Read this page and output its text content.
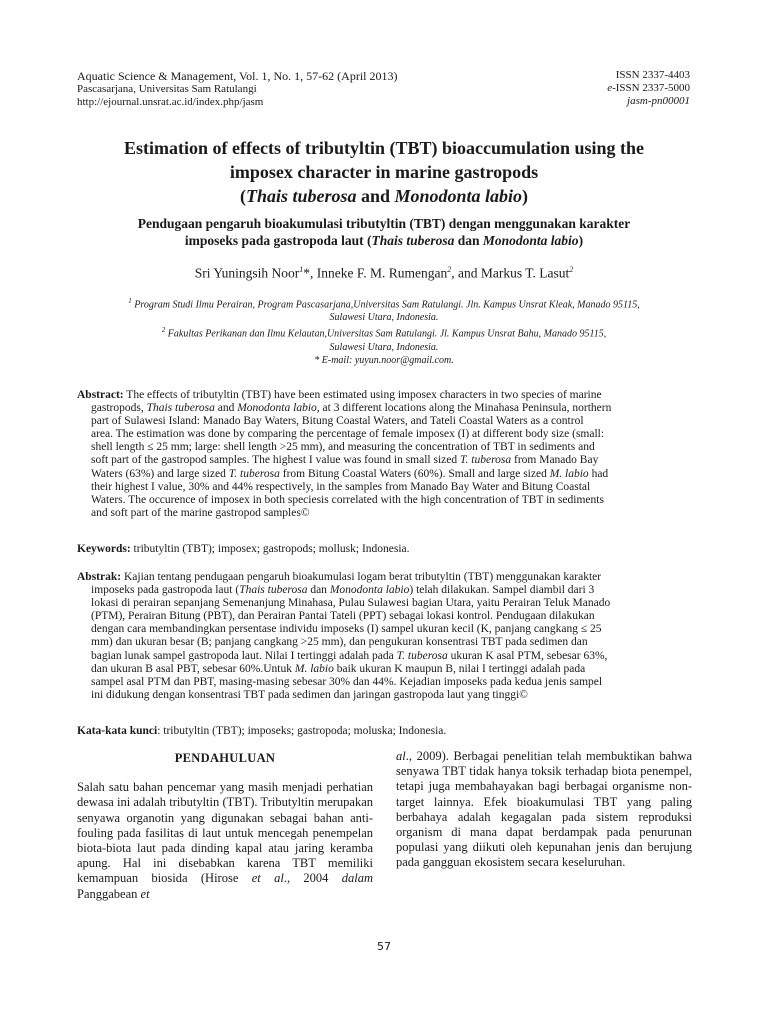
Aquatic Science & Management, Vol. 1, No. 1, 57-62 (April 2013)
Pascasarjana, Universitas Sam Ratulangi
http://ejournal.unsrat.ac.id/index.php/jasm
ISSN 2337-4403
e-ISSN 2337-5000
jasm-pn00001
Estimation of effects of tributyltin (TBT) bioaccumulation using the
imposex character in marine gastropods
(Thais tuberosa and Monodonta labio)
Pendugaan pengaruh bioakumulasi tributyltin (TBT) dengan menggunakan karakter
imposeks pada gastropoda laut (Thais tuberosa dan Monodonta labio)
Sri Yuningsih Noor$^1$*, Inneke F. M. Rumengan$^2$, and Markus T. Lasut$^2$
$^1$ Program Studi Ilmu Perairan, Program Pascasarjana,Universitas Sam Ratulangi. Jln. Kampus Unsrat Kleak, Manado 95115,
Sulawesi Utara, Indonesia.
$^2$ Fakultas Perikanan dan Ilmu Kelautan,Universitas Sam Ratulangi. Jl. Kampus Unsrat Bahu, Manado 95115,
Sulawesi Utara, Indonesia.
* E-mail: yuyun.noor@gmail.com.
Abstract: The effects of tributyltin (TBT) have been estimated using imposex characters in two species of marine
gastropods, Thais tuberosa and Monodonta labio, at 3 different locations along the Minahasa Peninsula, northern
part of Sulawesi Island: Manado Bay Waters, Bitung Coastal Waters, and Tateli Coastal Waters as a control
area. The estimation was done by comparing the percentage of female imposex (I) at different body size (small:
shell length ≤ 25 mm; large: shell length >25 mm), and measuring the concentration of TBT in sediments and
soft part of the gastropod samples. The highest I value was found in small sized T. tuberosa from Manado Bay
Waters (63%) and large sized T. tuberosa from Bitung Coastal Waters (60%). Small and large sized M. labio had
their highest I value, 30% and 44% respectively, in the samples from Manado Bay Water and Bitung Coastal
Waters. The occurence of imposex in both speciesis correlated with the high concentration of TBT in sediments
and soft part of the marine gastropod samples©
Keywords: tributyltin (TBT); imposex; gastropods; mollusk; Indonesia.
Abstrak: Kajian tentang pendugaan pengaruh bioakumulasi logam berat tributyltin (TBT) menggunakan karakter
imposeks pada gastropoda laut (Thais tuberosa dan Monodonta labio) telah dilakukan. Sampel diambil dari 3
lokasi di perairan sepanjang Semenanjung Minahasa, Pulau Sulawesi bagian Utara, yaitu Perairan Teluk Manado
(PTM), Perairan Bitung (PBT), dan Perairan Pantai Tateli (PPT) sebagai lokasi kontrol. Pendugaan dilakukan
dengan cara membandingkan persentase individu imposeks (I) sampel ukuran kecil (K, panjang cangkang ≤ 25
mm) dan ukuran besar (B; panjang cangkang >25 mm), dan pengukuran konsentrasi TBT pada sedimen dan
bagian lunak sampel gastropoda laut. Nilai I tertinggi adalah pada T. tuberosa ukuran K asal PTM, sebesar 63%,
dan ukuran B asal PBT, sebesar 60%.Untuk M. labio baik ukuran K maupun B, nilai I tertinggi adalah pada
sampel asal PTM dan PBT, masing-masing sebesar 30% dan 44%. Kejadian imposeks pada kedua jenis sampel
ini didukung dengan konsentrasi TBT pada sedimen dan jaringan gastropoda laut yang tinggi©
Kata-kata kunci: tributyltin (TBT); imposeks; gastropoda; moluska; Indonesia.
PENDAHULUAN
Salah satu bahan pencemar yang masih menjadi perhatian dewasa ini adalah tributyltin (TBT). Tributyltin merupakan senyawa organotin yang digunakan sebagai bahan anti-fouling pada fasilitas di laut untuk mencegah penempelan biota-biota laut pada dinding kapal atau jaring keramba apung. Hal ini disebabkan karena TBT memiliki kemampuan biosida (Hirose et al., 2004 dalam Panggabean et
al., 2009). Berbagai penelitian telah membuktikan bahwa senyawa TBT tidak hanya toksik terhadap biota penempel, tetapi juga membahayakan bagi berbagai organisme non-target lainnya. Efek bioakumulasi TBT yang paling berbahaya adalah kegagalan pada sistem reproduksi organism di mana dapat berdampak pada penurunan populasi yang diikuti oleh kepunahan jenis dan berujung pada gangguan ekosistem secara keseluruhan.
57
